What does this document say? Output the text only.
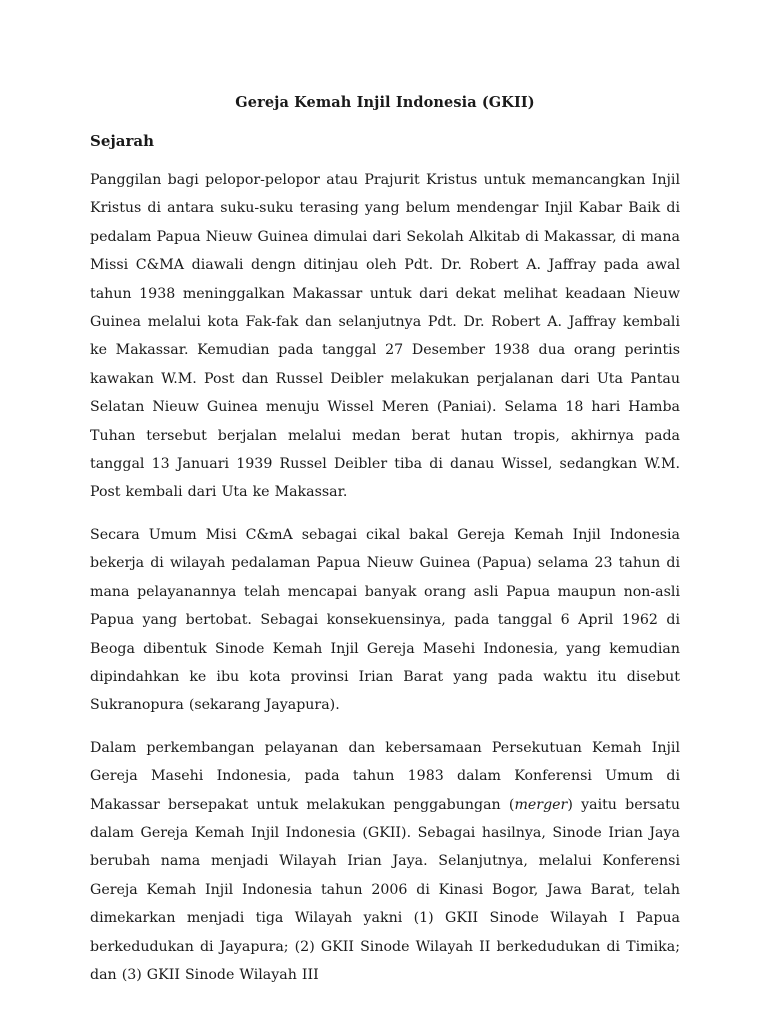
Gereja Kemah Injil Indonesia (GKII)
Sejarah

Panggilan bagi pelopor-pelopor atau Prajurit Kristus untuk memancangkan Injil Kristus di antara suku-suku terasing yang belum mendengar Injil Kabar Baik di pedalam Papua Nieuw Guinea dimulai dari Sekolah Alkitab di Makassar, di mana Missi C&MA diawali dengn ditinjau oleh Pdt. Dr. Robert A. Jaffray pada awal tahun 1938 meninggalkan Makassar untuk dari dekat melihat keadaan Nieuw Guinea melalui kota Fak-fak dan selanjutnya Pdt. Dr. Robert A. Jaffray kembali ke Makassar. Kemudian pada tanggal 27 Desember 1938 dua orang perintis kawakan W.M. Post dan Russel Deibler melakukan perjalanan dari Uta Pantau Selatan Nieuw Guinea menuju Wissel Meren (Paniai). Selama 18 hari Hamba Tuhan tersebut berjalan melalui medan berat hutan tropis, akhirnya pada tanggal 13 Januari 1939 Russel Deibler tiba di danau Wissel, sedangkan W.M. Post kembali dari Uta ke Makassar.

Secara Umum Misi C&mA sebagai cikal bakal Gereja Kemah Injil Indonesia bekerja di wilayah pedalaman Papua Nieuw Guinea (Papua) selama 23 tahun di mana pelayanannya telah mencapai banyak orang asli Papua maupun non-asli Papua yang bertobat. Sebagai konsekuensinya, pada tanggal 6 April 1962 di Beoga dibentuk Sinode Kemah Injil Gereja Masehi Indonesia, yang kemudian dipindahkan ke ibu kota provinsi Irian Barat yang pada waktu itu disebut Sukranopura (sekarang Jayapura).

Dalam perkembangan pelayanan dan kebersamaan Persekutuan Kemah Injil Gereja Masehi Indonesia, pada tahun 1983 dalam Konferensi Umum di Makassar bersepakat untuk melakukan penggabungan (merger) yaitu bersatu dalam Gereja Kemah Injil Indonesia (GKII). Sebagai hasilnya, Sinode Irian Jaya berubah nama menjadi Wilayah Irian Jaya. Selanjutnya, melalui Konferensi Gereja Kemah Injil Indonesia tahun 2006 di Kinasi Bogor, Jawa Barat, telah dimekarkan menjadi tiga Wilayah yakni (1) GKII Sinode Wilayah I Papua berkedudukan di Jayapura; (2) GKII Sinode Wilayah II berkedudukan di Timika; dan (3) GKII Sinode Wilayah III
